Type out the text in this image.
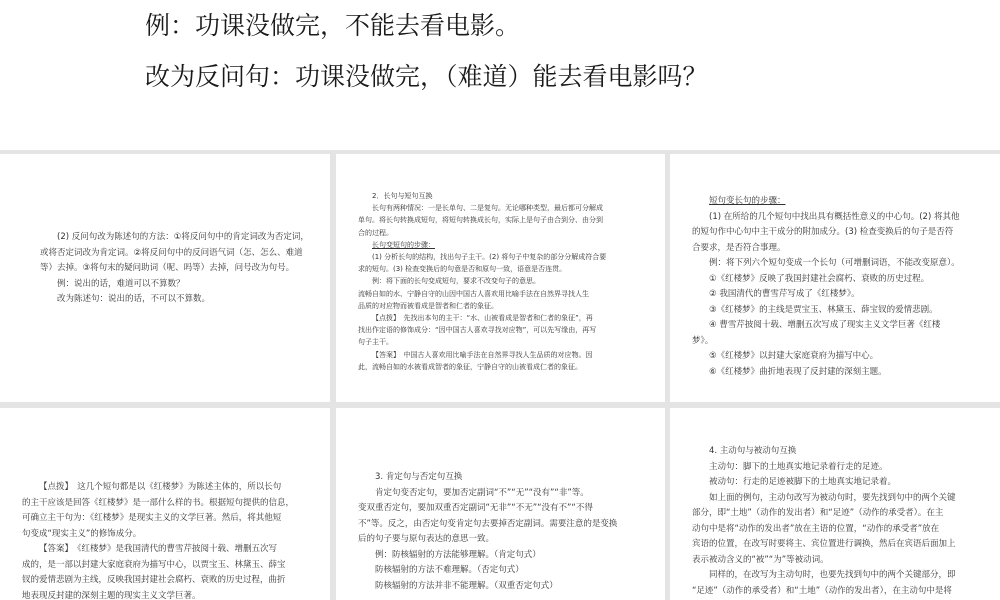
例：功课没做完，不能去看电影。
改为反问句：功课没做完，（难道）能去看电影吗？

(2) 反问句改为陈述句的方法：①将反问句中的肯定词改为否定词，

或将否定词改为肯定词。②将反问句中的反问语气词（怎、怎么、难道

等）去掉。③将句末的疑问助词（呢、吗等）去掉，问号改为句号。

例：说出的话，难道可以不算数？

改为陈述句：说出的话，不可以不算数。

2．长句与短句互换

长句有两种情况：一是长单句、二是复句。无论哪种类型，最后都可分解成

单句。将长句转换成短句，将短句转换成长句，实际上是句子由合到分、由分到

合的过程。

长句变短句的步骤：

(1) 分析长句的结构，找出句子主干。(2) 将句子中复杂的部分分解成符合要

求的短句。(3) 检查变换后的句意是否和原句一致，语意是否连贯。

例：将下面的长句变成短句，要求不改变句子的意思。

流畅自如的水、宁静自守的山因中国古人喜欢用比喻手法在自然界寻找人生

品质的对应物而被看成是智者和仁者的象征。

【点拨】　先找出本句的主干：“水、山被看成是智者和仁者的象征”，再

找出作定语的修饰成分：“因中国古人喜欢寻找对应物”，可以先写缘由，再写

句子主干。

【答案】　中国古人喜欢用比喻手法在自然界寻找人生品质的对应物。因

此，流畅自如的水被看成智者的象征，宁静自守的山被看成仁者的象征。

短句变长句的步骤：

(1) 在所给的几个短句中找出具有概括性意义的中心句。(2) 将其他

的短句作中心句中主干成分的附加成分。(3) 检查变换后的句子是否符

合要求，是否符合事理。

例：将下列六个短句变成一个长句（可增删词语，不能改变原意）。

①《红楼梦》反映了我国封建社会腐朽、衰败的历史过程。

② 我国清代的曹雪芹写成了《红楼梦》。

③《红楼梦》的主线是贾宝玉、林黛玉、薛宝钗的爱情悲剧。

④ 曹雪芹披阅十载、增删五次写成了现实主义文学巨著《红楼

梦》。

⑤《红楼梦》以封建大家庭衰府为描写中心。

⑥《红楼梦》曲折地表现了反封建的深刻主题。

【点拨】　这几个短句都是以《红楼梦》为陈述主体的，所以长句

的主干应该是回答《红楼梦》是一部什么样的书。根据短句提供的信息，

可确立主干句为：《红楼梦》是现实主义的文学巨著。然后，将其他短

句变成“现实主义”的修饰成分。

【答案】　《红楼梦》是我国清代的曹雪芹披阅十载、增删五次写

成的，是一部以封建大家庭衰府为描写中心，以贾宝玉、林黛玉、薛宝

钗的爱情悲剧为主线，反映我国封建社会腐朽、衰败的历史过程，曲折

地表现反封建的深刻主题的现实主义文学巨著。

3. 肯定句与否定句互换

肯定句变否定句，要加否定副词“不”“无”“没有”“非”等。

变双重否定句，要加双重否定副词“无非”“不无”“没有不”“不得

不”等。反之，由否定句变肯定句去要掉否定副词。需要注意的是变换

后的句子要与原句表达的意思一致。

例：防核辐射的方法能够理解。（肯定句式）

防核辐射的方法不难理解。（否定句式）

防核辐射的方法并非不能理解。（双重否定句式）

4. 主动句与被动句互换

主动句：脚下的土地真实地记录着行走的足迹。

被动句：行走的足迹被脚下的土地真实地记录着。

如上面的例句，主动句改写为被动句时，要先找到句中的两个关键

部分，即“土地”（动作的发出者）和“足迹”（动作的承受者）。在主

动句中是将“动作的发出者”放在主语的位置，“动作的承受者”放在

宾语的位置，在改写时要将主、宾位置进行调换，然后在宾语后面加上

表示被动含义的“被”“为”等被动词。

同样的，在改写为主动句时，也要先找到句中的两个关键部分，即

“足迹”（动作的承受者）和“土地”（动作的发出者），在主动句中是将
